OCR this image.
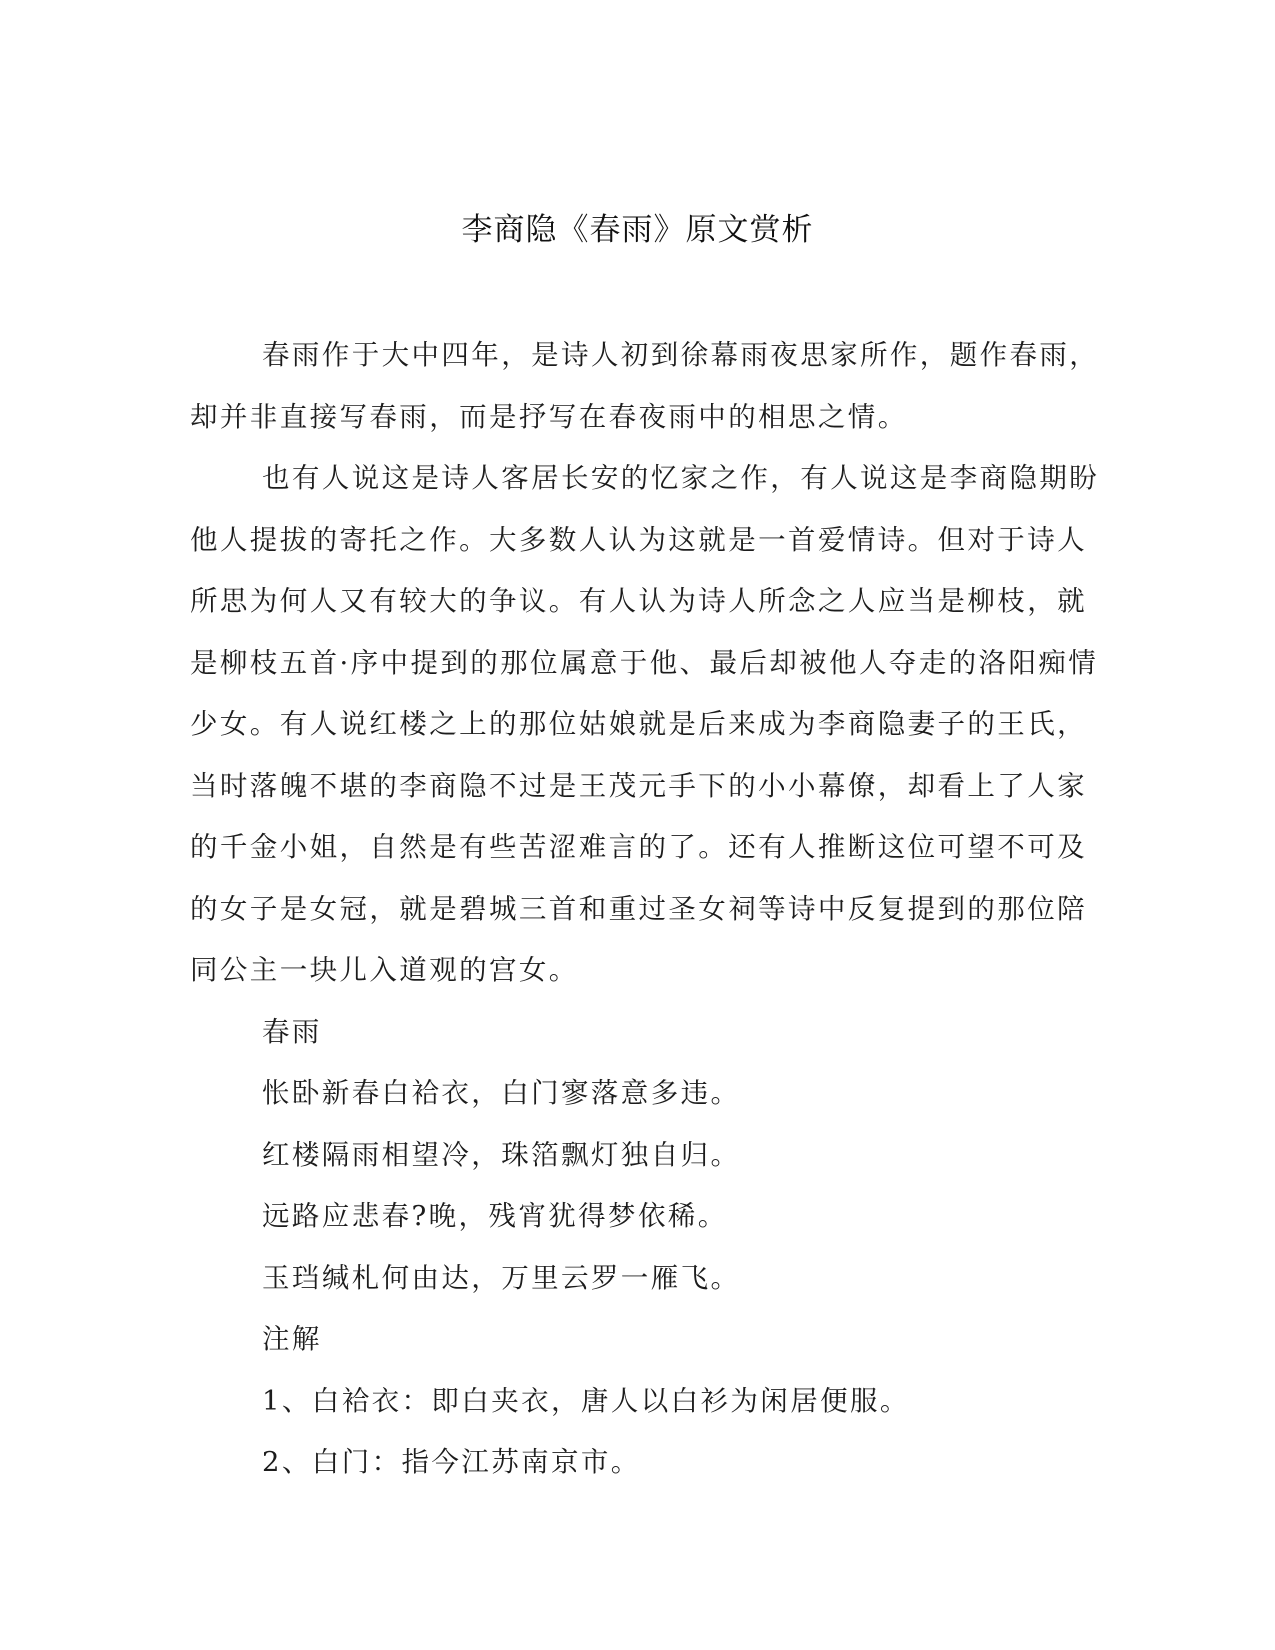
李商隐《春雨》原文赏析
春雨作于大中四年，是诗人初到徐幕雨夜思家所作，题作春雨，
却并非直接写春雨，而是抒写在春夜雨中的相思之情。
也有人说这是诗人客居长安的忆家之作，有人说这是李商隐期盼
他人提拔的寄托之作。大多数人认为这就是一首爱情诗。但对于诗人
所思为何人又有较大的争议。有人认为诗人所念之人应当是柳枝，就
是柳枝五首·序中提到的那位属意于他、最后却被他人夺走的洛阳痴情
少女。有人说红楼之上的那位姑娘就是后来成为李商隐妻子的王氏，
当时落魄不堪的李商隐不过是王茂元手下的小小幕僚，却看上了人家
的千金小姐，自然是有些苦涩难言的了。还有人推断这位可望不可及
的女子是女冠，就是碧城三首和重过圣女祠等诗中反复提到的那位陪
同公主一块儿入道观的宫女。
春雨
怅卧新春白袷衣，白门寥落意多违。
红楼隔雨相望冷，珠箔飘灯独自归。
远路应悲春?晚，残宵犹得梦依稀。
玉珰缄札何由达，万里云罗一雁飞。
注解
1、白袷衣：即白夹衣，唐人以白衫为闲居便服。
2、白门：指今江苏南京市。
